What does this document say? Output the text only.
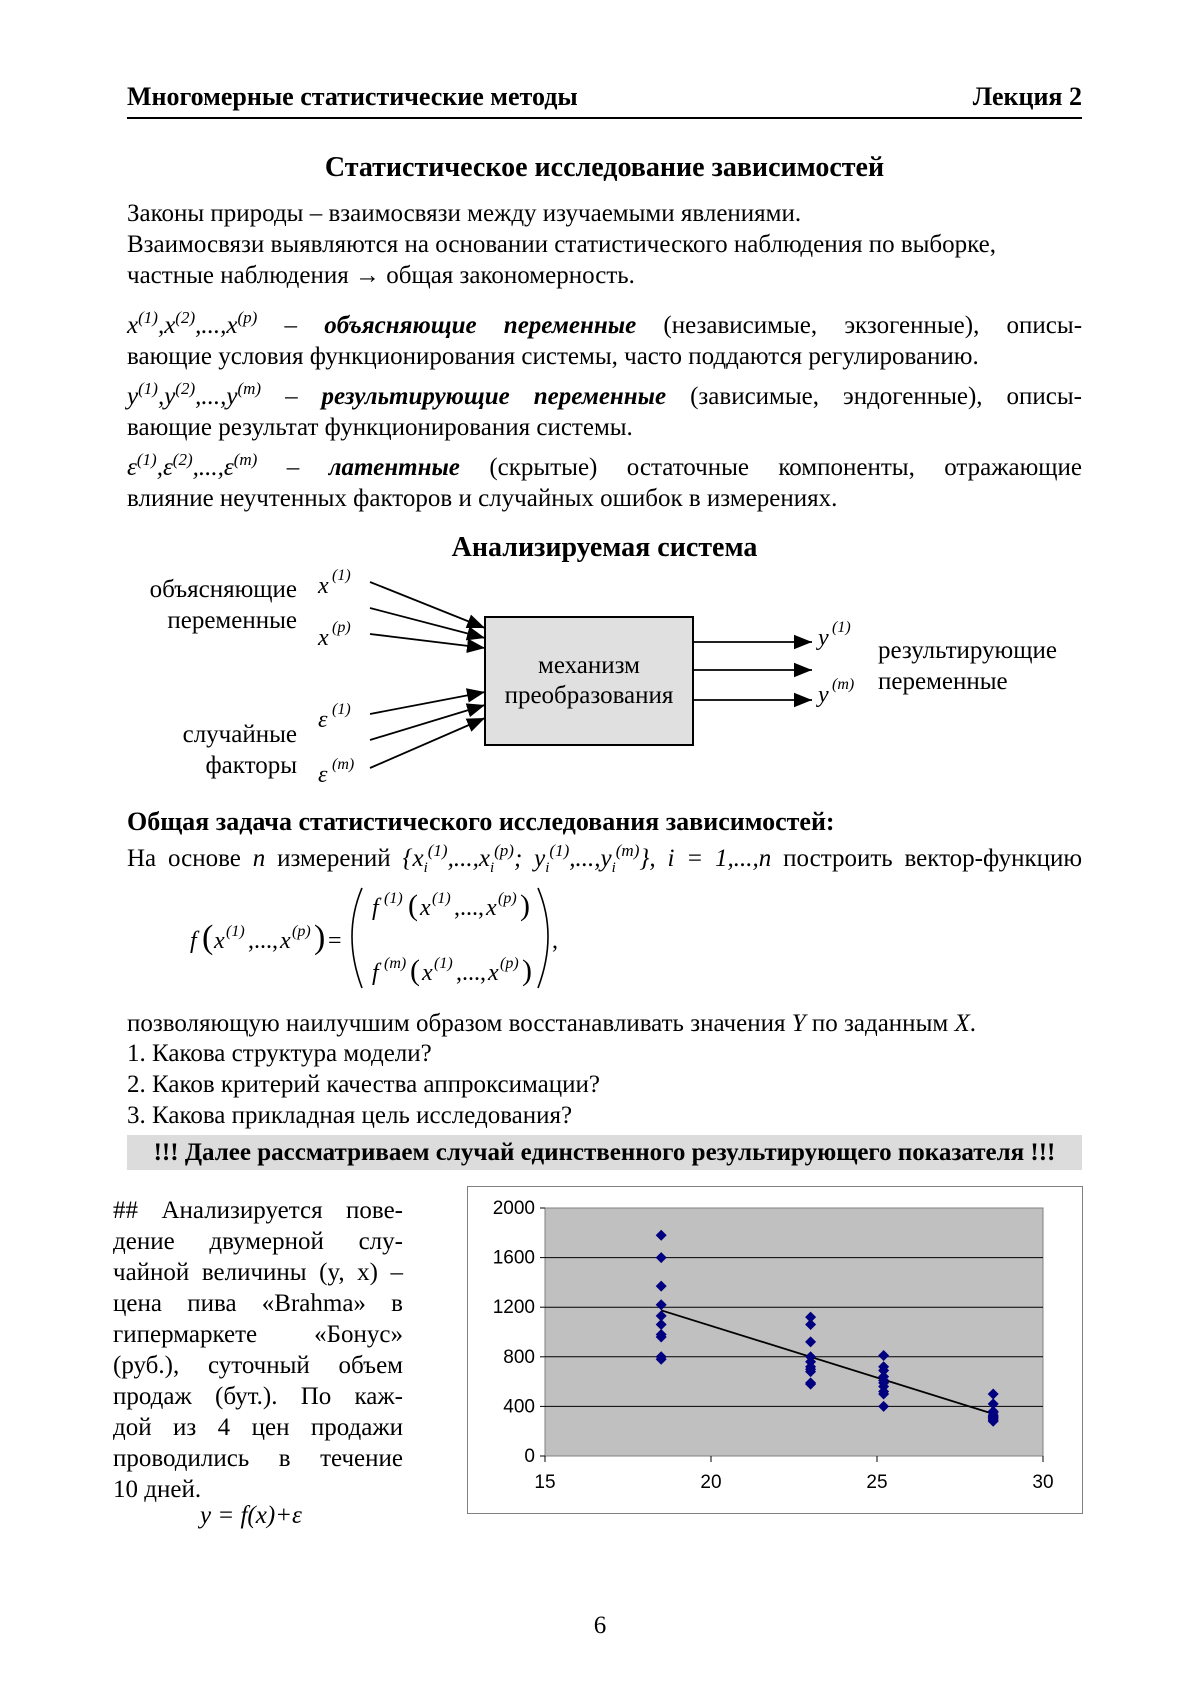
Многомерные статистические методы	Лекция 2
Статистическое исследование зависимостей
Законы природы – взаимосвязи между изучаемыми явлениями.
Взаимосвязи выявляются на основании статистического наблюдения по выборке,
частные наблюдения → общая закономерность.
$x^{(1)},x^{(2)},...,x^{(p)}$ – объясняющие переменные (независимые, экзогенные), описы-
вающие условия функционирования системы, часто поддаются регулированию.
$y^{(1)},y^{(2)},...,y^{(m)}$ – результирующие переменные (зависимые, эндогенные), описы-
вающие результат функционирования системы.
$\varepsilon^{(1)},\varepsilon^{(2)},...,\varepsilon^{(m)}$ – латентные (скрытые) остаточные компоненты, отражающие
влияние неучтенных факторов и случайных ошибок в измерениях.
Анализируемая система
объясняющие
переменные
случайные
факторы
результирующие
переменные
x (1)
x (p)
ε (1)
ε (m)
y (1)
y (m)
механизм
преобразования
Общая задача статистического исследования зависимостей:
На основе n измерений {$x_i^{(1)},...,x_i^{(p)}$; $y_i^{(1)},...,y_i^{(m)}$}, i = 1,...,n построить вектор-функцию
f ( x (1) ,..., x (p) ) =
f (1) ( x (1) ,..., x (p) )
f (m) ( x (1) ,..., x (p) )
,
позволяющую наилучшим образом восстанавливать значения Y по заданным X.
1. Какова структура модели?
2. Каков критерий качества аппроксимации?
3. Какова прикладная цель исследования?
!!! Далее рассматриваем случай единственного результирующего показателя !!!
## Анализируется пове-
дение двумерной слу-
чайной величины (y, x) –
цена пива «Brahma» в
гипермаркете «Бонус»
(руб.), суточный объем
продаж (бут.). По каж-
дой из 4 цен продажи
проводились в течение
10 дней.
y = f(x)+ε
0
400
800
1200
1600
2000
15	20	25	30
6
